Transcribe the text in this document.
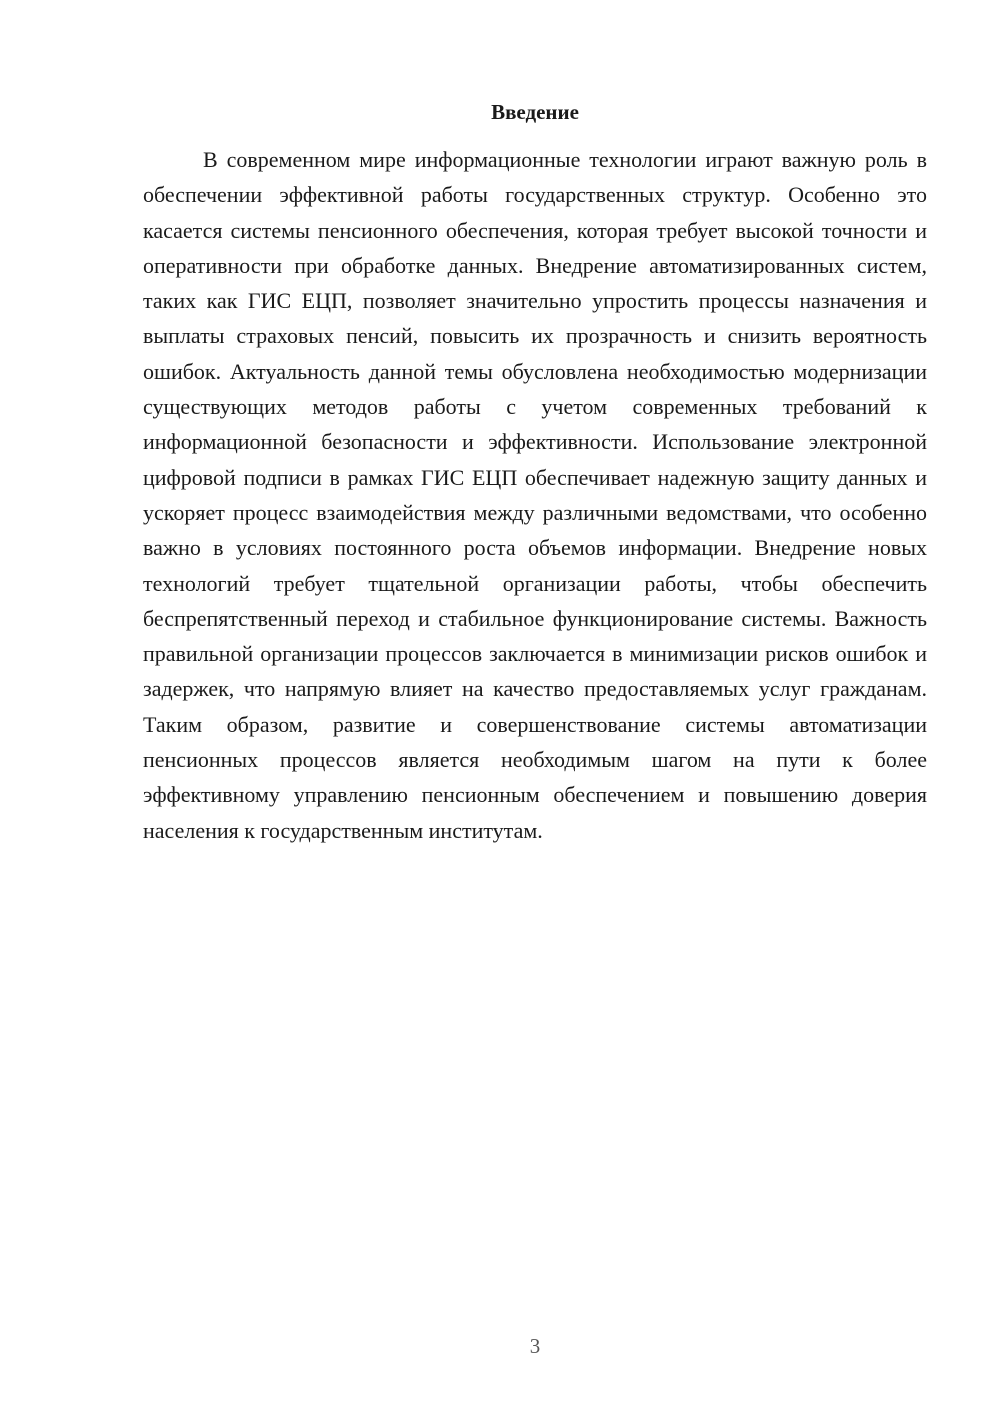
Введение

В современном мире информационные технологии играют важную роль в обеспечении эффективной работы государственных структур. Особенно это касается системы пенсионного обеспечения, которая требует высокой точности и оперативности при обработке данных. Внедрение автоматизированных систем, таких как ГИС ЕЦП, позволяет значительно упростить процессы назначения и выплаты страховых пенсий, повысить их прозрачность и снизить вероятность ошибок. Актуальность данной темы обусловлена необходимостью модернизации существующих методов работы с учетом современных требований к информационной безопасности и эффективности. Использование электронной цифровой подписи в рамках ГИС ЕЦП обеспечивает надежную защиту данных и ускоряет процесс взаимодействия между различными ведомствами, что особенно важно в условиях постоянного роста объемов информации. Внедрение новых технологий требует тщательной организации работы, чтобы обеспечить беспрепятственный переход и стабильное функционирование системы. Важность правильной организации процессов заключается в минимизации рисков ошибок и задержек, что напрямую влияет на качество предоставляемых услуг гражданам. Таким образом, развитие и совершенствование системы автоматизации пенсионных процессов является необходимым шагом на пути к более эффективному управлению пенсионным обеспечением и повышению доверия населения к государственным институтам.

3
